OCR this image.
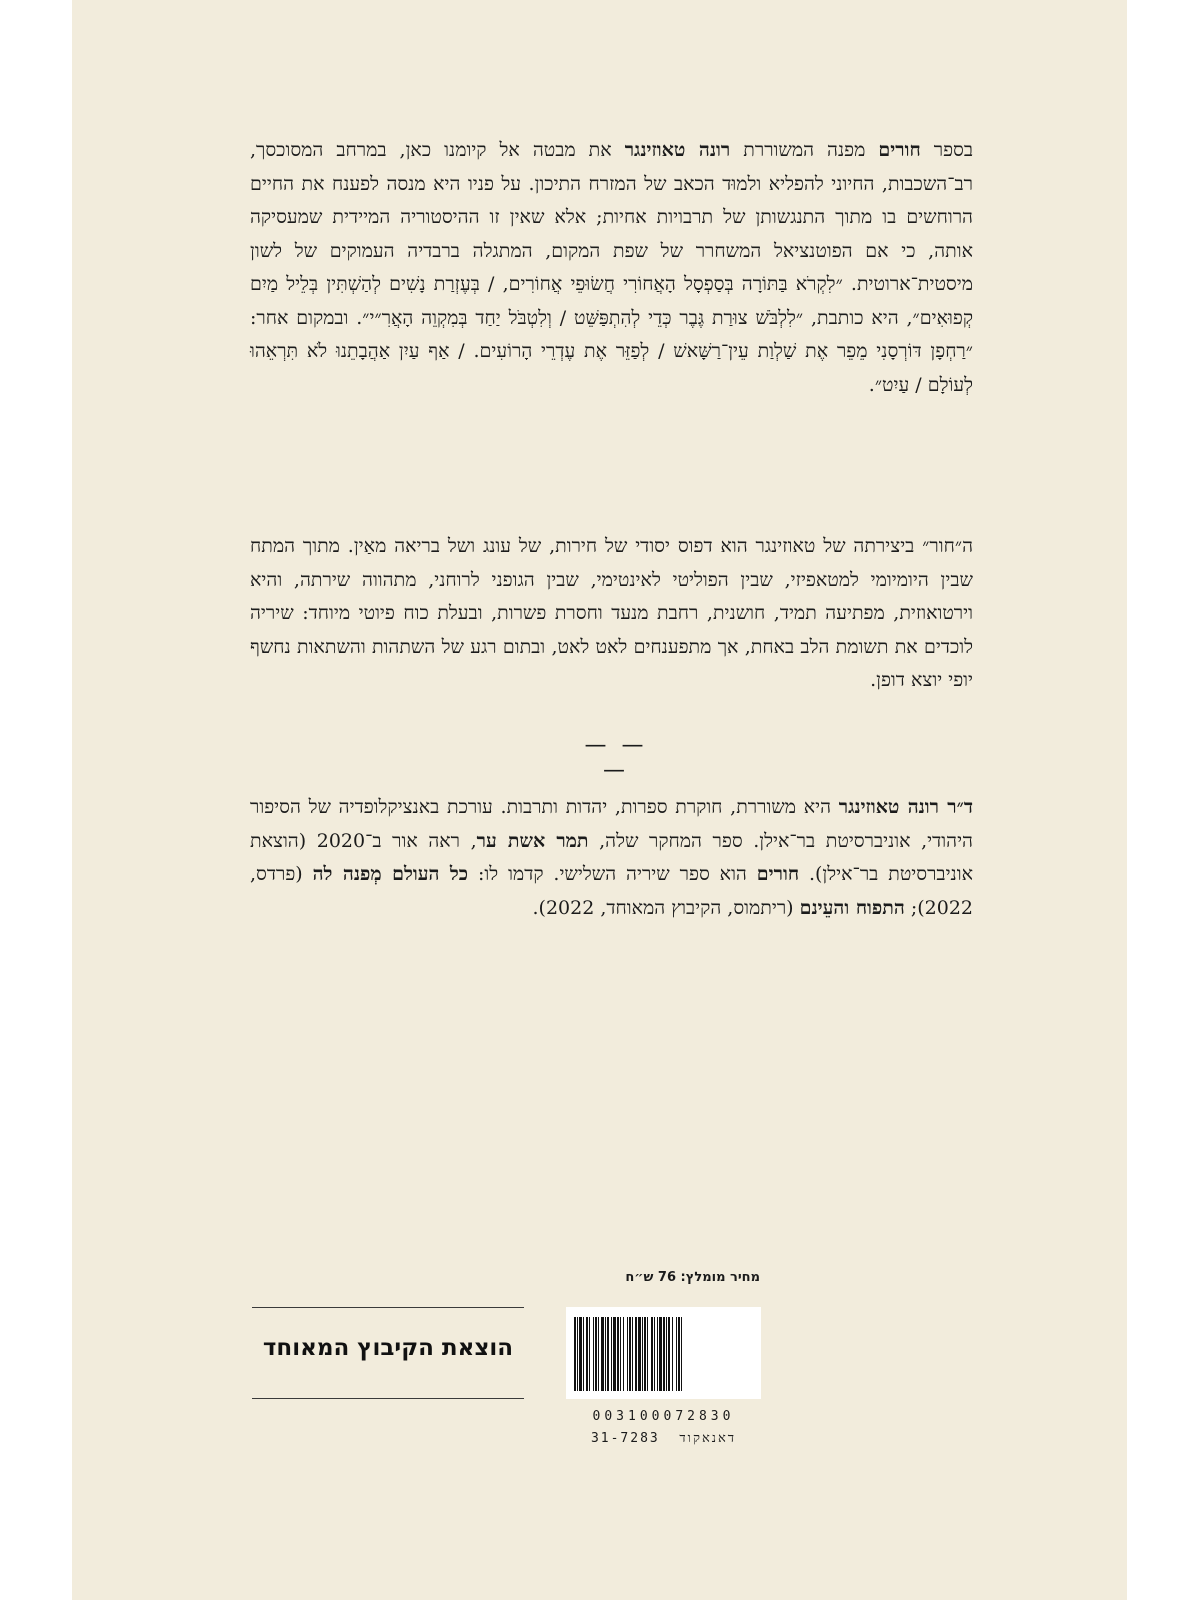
בספר חורים מפנה המשוררת רונה טאוזינגר את מבטה אל קיומנו כאן, במרחב המסוכסך, רב־השכבות, החיוני להפליא ולמוּד הכאב של המזרח התיכון. על פניו היא מנסה לפענח את החיים הרוחשים בו מתוך התנגשותן של תרבויות אחיות; אלא שאין זו ההיסטוריה המיידית שמעסיקה אותה, כי אם הפוטנציאל המשחרר של שפת המקום, המתגלה ברבדיה העמוקים של לשון מיסטית־ארוטית. ״לִקְרֹא בַּתּוֹרָה בְּסַפְסָל הָאֲחוֹרִי חֲשׂוּפֵי אֲחוֹרִים, / בְּעֶזְרַת נָשִׁים לְהַשְׁתִּין בְּלֵיל מַיִם קְפוּאִים״, היא כותבת, ״לִלְבֹּשׁ צוּרַת גֶּבֶר כְּדֵי לְהִתְפַּשֵּׁט / וְלִטְבֹּל יַחַד בְּמִקְוֵה הָאֲרִ״י״. ובמקום אחר: ״רַחְפָן דּוֹרְסָנִי מֵפֵר אֶת שַׁלְוַת עֵין־רַשָּׁאשׁ / לְפַזֵּר אֶת עֶדְרֵי הָרוֹעִים. / אַף עַיִן אַהֲבָתֵנוּ לֹא תִּרְאֵהוּ לְעוֹלָם / עַיִט״.
ה״חור״ ביצירתה של טאוזינגר הוא דפוס יסודי של חירות, של עונג ושל בריאה מאַין. מתוך המתח שבין היומיומי למטאפיזי, שבין הפוליטי לאינטימי, שבין הגופני לרוחני, מתהווה שירתה, והיא וירטואוזית, מפתיעה תמיד, חושנית, רחבת מנעד וחסרת פשרות, ובעלת כוח פיוטי מיוחד: שיריה לוכדים את תשומת הלב באחת, אך מתפענחים לאט לאט, ובתום רגע של השתהות והשתאות נחשף יופי יוצא דופן.
— — —
ד״ר רונה טאוזינגר היא משוררת, חוקרת ספרות, יהדות ותרבות. עורכת באנציקלופדיה של הסיפור היהודי, אוניברסיטת בר־אילן. ספר המחקר שלה, תמר אשת ער, ראה אור ב־2020 (הוצאת אוניברסיטת בר־אילן). חורים הוא ספר שיריה השלישי. קדמו לו: כל העולם מְפנה לה (פרדס, 2022); התפוח והעֵינם (ריתמוס, הקיבוץ המאוחד, 2022).
מחיר מומלץ: 76 ש״ח
הוצאת הקיבוץ המאוחד
003100072830
דאנאקוד  31-7283
